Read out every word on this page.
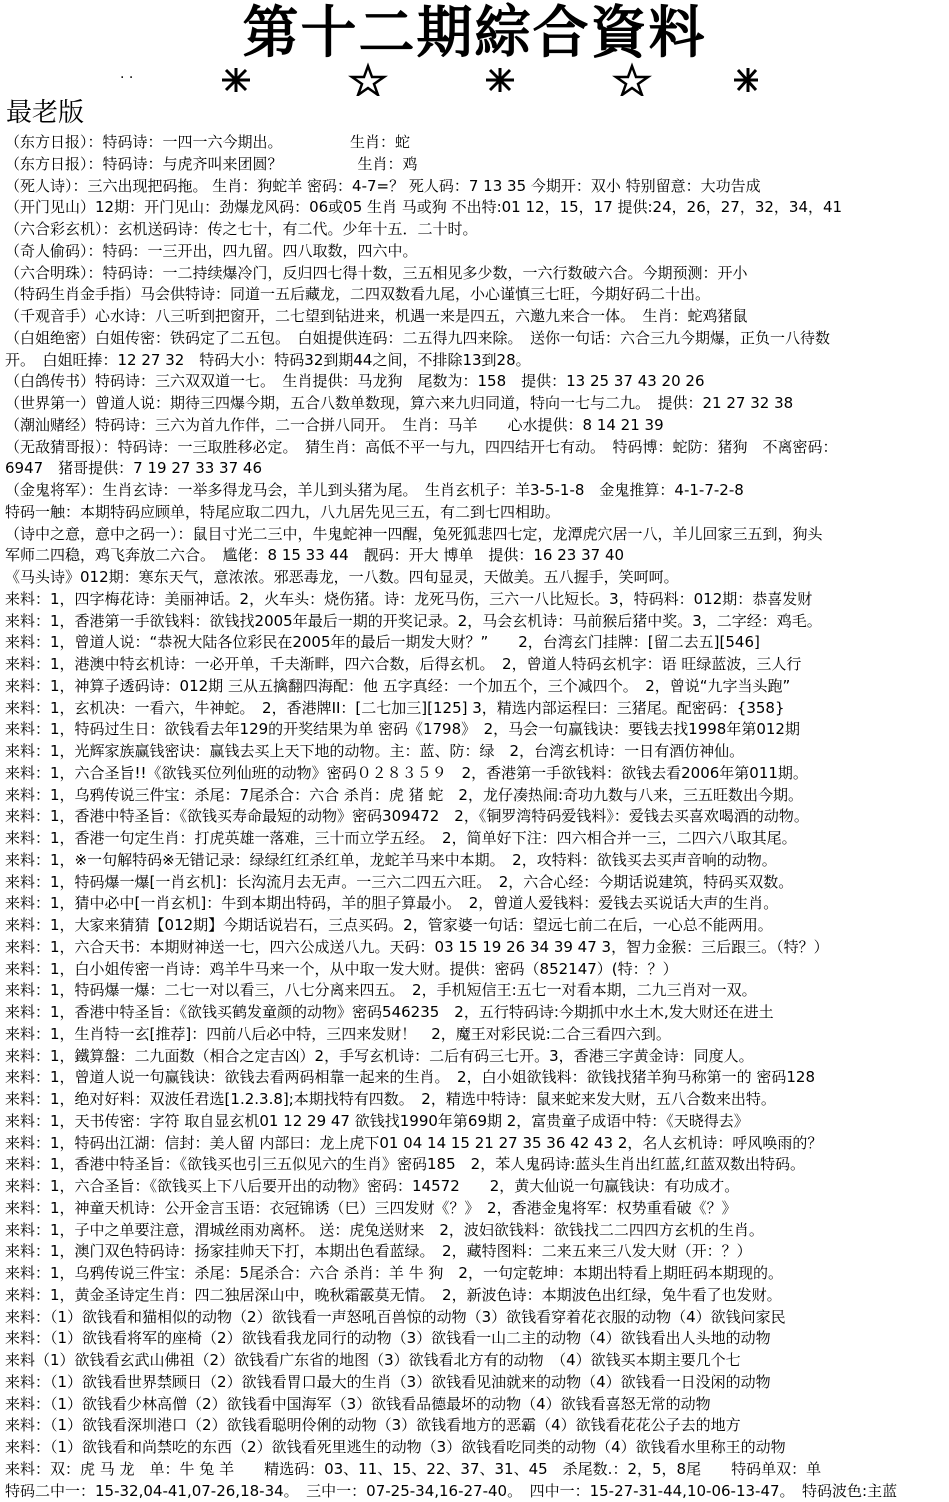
第十二期綜合資料
· ·
最老版
（东方日报）：特码诗：一四一六今期出。　　　　　生肖：蛇
（东方日报）：特码诗：与虎齐叫来团圆？　　　　　生肖：鸡
（死人诗）：三六出现把码拖。 生肖：狗蛇羊 密码：4-7=？ 死人码：7 13 35 今期开：双小 特别留意：大功告成
（开门见山）12期：开门见山：劲爆龙风码：06或05 生肖 马或狗 不出特:01 12，15，17 提供:24，26，27，32，34，41
（六合彩玄机）：玄机送码诗：传之七十，有二代。少年十五．二十时。
（奇人偷码）：特码：一三开出，四九留。四八取数，四六中。
（六合明珠）：特码诗：一二持续爆冷门，反归四七得十数，三五相见多少数，一六行数破六合。今期预测：开小
（特码生肖金手指）马会供特诗：同道一五后藏龙，二四双数看九尾，小心谨慎三七旺，今期好码二十出。
（千观音手）心水诗：八三听到把窗开，二七望到钻进来，机遇一来是四五，六邀九来合一体。　生肖：蛇鸡猪鼠
（白姐绝密）白姐传密：铁码定了二五包。　白姐提供连码：二五得九四来除。　送你一句话：六合三九今期爆，正负一八待数
开。　白姐旺捧：12 27 32　特码大小：特码32到期44之间，不排除13到28。
（白鸽传书）特码诗：三六双双道一七。　生肖提供：马龙狗　尾数为：158　提供：13 25 37 43 20 26
（世界第一）曾道人说：期待三四爆今期，五合八数单数现，算六来九归同道，特向一七与二九。　提供：21 27 32 38
（潮汕赌经）特码诗：三六为首九作伴，二一合拼八同开。　生肖：马羊　　心水提供：8 14 21 39
（无敌猜哥报）：特码诗：一三取胜移必定。　猜生肖：高低不平一与九，四四结开七有动。　特码博：蛇防：猪狗　不离密码：
6947　猪哥提供：7 19 27 33 37 46
（金鬼将军）：生肖玄诗：一举多得龙马会，羊儿到头猪为尾。　生肖玄机子：羊3-5-1-8　金鬼推算：4-1-7-2-8
特码一触：本期特码应顾单，特尾应取二四九，八九居先见三五，有二到七四相助。
（诗中之意，意中之码一）：鼠目寸光二三中，牛鬼蛇神一四醒，兔死狐悲四七定，龙潭虎穴居一八，羊儿回家三五到，狗头
军师二四稳，鸡飞奔放二六合。　尴佬：8 15 33 44　靓码：开大 博单　提供：16 23 37 40
《马头诗》012期：寒东天气，意浓浓。邪恶毒龙，一八数。四旬显灵，天做美。五八握手，笑呵呵。
来料：1，四字梅花诗：美丽神话。2，火车头：烧伤猪。诗：龙死马伤，三六一八比短长。3，特码料：012期：恭喜发财
来料：1，香港第一手欲钱料：欲钱找2005年最后一期的开奖记录。2，马会玄机诗：马前猴后猪中奖。3，二字经：鸡毛。
来料：1，曾道人说：“恭祝大陆各位彩民在2005年的最后一期发大财？”　　2，台湾玄门挂牌：[留二去五][546]
来料：1，港澳中特玄机诗：一必开单，千夫渐畔，四六合数，后得玄机。　2，曾道人特码玄机字：语 旺绿蓝波，三人行
来料：1，神算子透码诗：012期 三从五擒翻四海配：他 五字真经：一个加五个，三个减四个。　2，曾说“九字当头跑”
来料：1，玄机决：一看六，牛神蛇。　2，香港牌II：[二七加三][125] 3，精选内部运程曰：三猪尾。配密码：{358}
来料：1，特码过生日：欲钱看去年129的开奖结果为单 密码《1798》　2，马会一句赢钱诀：要钱去找1998年第012期
来料：1，光辉家族赢钱密诀：赢钱去买上天下地的动物。主：蓝、防：绿　2，台湾玄机诗：一日有酒仿神仙。
来料：1，六合圣旨!!《欲钱买位列仙班的动物》密码０２８３５９　2，香港第一手欲钱料：欲钱去看2006年第011期。
来料：1，乌鸦传说三件宝：杀尾：7尾杀合：六合 杀肖：虎 猪 蛇　2，龙仔凑热闹:奇功九数与八来，三五旺数出今期。
来料：1，香港中特圣旨：《欲钱买寿命最短的动物》密码309472　2，《铜罗湾特码爱钱料》：爱钱去买喜欢喝酒的动物。
来料：1，香港一句定生肖：打虎英雄一落难，三十而立学五经。　2，简单好下注：四六相合并一三，二四六八取其尾。
来料：1，※一句解特码※无错记录：绿绿红红杀红单，龙蛇羊马来中本期。　2，攻特料：欲钱买去买声音响的动物。
来料：1，特码爆一爆[一肖玄机]：长沟流月去无声。一三六二四五六旺。　2，六合心经：今期话说建筑，特码买双数。
来料：1，猜中必中[一肖玄机]：牛到本期出特码，羊的胆子算最小。　2，曾道人爱钱料：爱钱去买说话大声的生肖。
来料：1，大家来猜猜【012期】今期话说岩石，三点买码。2，管家婆一句话：望远七前二在后，一心总不能两用。
来料：1，六合天书：本期财神送一七，四六公成送八九。天码：03 15 19 26 34 39 47 3，智力金猴：三后跟三。（特？）
来料：1，白小姐传密一肖诗：鸡羊牛马来一个，从中取一发大财。提供：密码（852147）(特：？）
来料：1，特码爆一爆：二七一对以看三，八七分离来四五。　2，手机短信王:五七一对看本期，二九三肖对一双。
来料：1，香港中特圣旨：《欲钱买鹤发童颜的动物》密码546235　2，五行特码诗:今期抓中水土木,发大财还在进土
来料：1，生肖特一玄[推荐]：四前八后必中特，三四来发财！　2，魔王对彩民说:二合三看四六到。
来料：1，鐵算盤：二九面数（相合之定吉凶）2，手写玄机诗：二后有码三七开。3，香港三字黄金诗：同度人。
来料：1，曾道人说一句赢钱诀：欲钱去看两码相靠一起来的生肖。　2，白小姐欲钱料：欲钱找猪羊狗马称第一的 密码128
来料：1，绝对好料：双波任君选[1.2.3.8];本期找特有四数。　2，精选中特诗：鼠来蛇来发大财，五八合数来出特。
来料：1，天书传密：字符 取自显玄机01 12 29 47 欲钱找1990年第69期 2，富贵童子成语中特：《天晓得去》
来料：1，特码出江湖：信封：美人留 内部曰：龙上虎下01 04 14 15 21 27 35 36 42 43 2，名人玄机诗：呼风唤雨的？
来料：1，香港中特圣旨：《欲钱买也引三五似见六的生肖》密码185　2，苯人鬼码诗:蓝头生肖出红蓝,红蓝双数出特码。
来料：1，六合圣旨：《欲钱买上下八后要开出的动物》密码：14572　　2，黄大仙说一句赢钱诀：有功成才。
来料：1，神童天机诗：公开金言玉语：衣冠锦诱（巳）三四发财《？》　2，香港金鬼将军：权势重看破《？》
来料：1，子中之单要注意，渭城丝雨劝离杯。 送：虎兔送财来　2，波妇欲钱料：欲钱找二二四四方玄机的生肖。
来料：1，澳门双色特码诗：扬家挂帅天下打，本期出色看蓝绿。　2，藏特图料：二来五来三八发大财（开：？）
来料：1，乌鸦传说三件宝：杀尾：5尾杀合：六合 杀肖：羊 牛 狗　2，一句定乾坤：本期出特看上期旺码本期现的。
来料：1，黄金圣诗定生肖：四二独居深山中，晚秋霜霰莫无情。　2，新波色诗：本期波色出红绿，兔牛看了也发财。
来料：（1）欲钱看和猫相似的动物（2）欲钱看一声怒吼百兽惊的动物（3）欲钱看穿着花衣服的动物（4）欲钱问家民
来料：（1）欲钱看将军的座椅（2）欲钱看我龙同行的动物（3）欲钱看一山二主的动物（4）欲钱看出人头地的动物
来料（1）欲钱看玄武山佛祖（2）欲钱看广东省的地图（3）欲钱看北方有的动物　（4）欲钱买本期主要几个七
来料：（1）欲钱看世界禁顾日（2）欲钱看胃口最大的生肖（3）欲钱看见油就来的动物（4）欲钱看一日没闲的动物
来料：（1）欲钱看少林高僧（2）欲钱看中国海军（3）欲钱看品德最坏的动物（4）欲钱看喜怒无常的动物
来料：（1）欲钱看深圳港口（2）欲钱看聪明伶俐的动物（3）欲钱看地方的恶霸（4）欲钱看花花公子去的地方
来料：（1）欲钱看和尚禁吃的东西（2）欲钱看死里逃生的动物（3）欲钱看吃同类的动物（4）欲钱看水里称王的动物
来料：双：虎 马 龙　单：牛 兔 羊　　精选码：03、11、15、22、37、31、45　杀尾数.：2，5，8尾　　特码单双：单
特码二中一：15-32,04-41,07-26,18-34。　三中一：07-25-34,16-27-40。　四中一：15-27-31-44,10-06-13-47。　特码波色:主蓝
